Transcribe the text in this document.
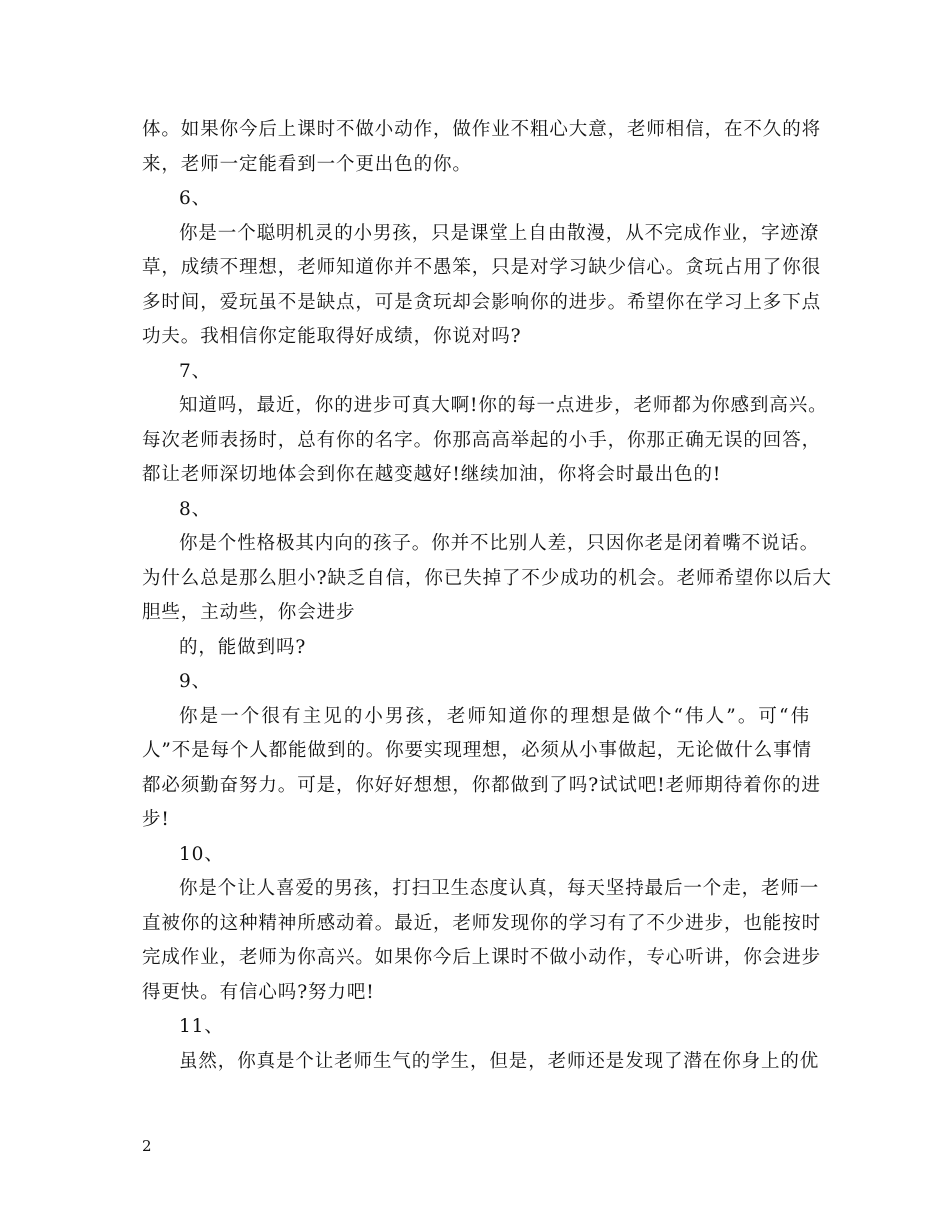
体。如果你今后上课时不做小动作，做作业不粗心大意，老师相信，在不久的将
来，老师一定能看到一个更出色的你。
6、
你是一个聪明机灵的小男孩，只是课堂上自由散漫，从不完成作业，字迹潦
草，成绩不理想，老师知道你并不愚笨，只是对学习缺少信心。贪玩占用了你很
多时间，爱玩虽不是缺点，可是贪玩却会影响你的进步。希望你在学习上多下点
功夫。我相信你定能取得好成绩，你说对吗?
7、
知道吗，最近，你的进步可真大啊!你的每一点进步，老师都为你感到高兴。
每次老师表扬时，总有你的名字。你那高高举起的小手，你那正确无误的回答，
都让老师深切地体会到你在越变越好!继续加油，你将会时最出色的!
8、
你是个性格极其内向的孩子。你并不比别人差，只因你老是闭着嘴不说话。
为什么总是那么胆小?缺乏自信，你已失掉了不少成功的机会。老师希望你以后大
胆些，主动些，你会进步
的，能做到吗?
9、
你是一个很有主见的小男孩，老师知道你的理想是做个“伟人”。可“伟
人”不是每个人都能做到的。你要实现理想，必须从小事做起，无论做什么事情
都必须勤奋努力。可是，你好好想想，你都做到了吗?试试吧!老师期待着你的进
步!
10、
你是个让人喜爱的男孩，打扫卫生态度认真，每天坚持最后一个走，老师一
直被你的这种精神所感动着。最近，老师发现你的学习有了不少进步，也能按时
完成作业，老师为你高兴。如果你今后上课时不做小动作，专心听讲，你会进步
得更快。有信心吗?努力吧!
11、
虽然，你真是个让老师生气的学生，但是，老师还是发现了潜在你身上的优
2
